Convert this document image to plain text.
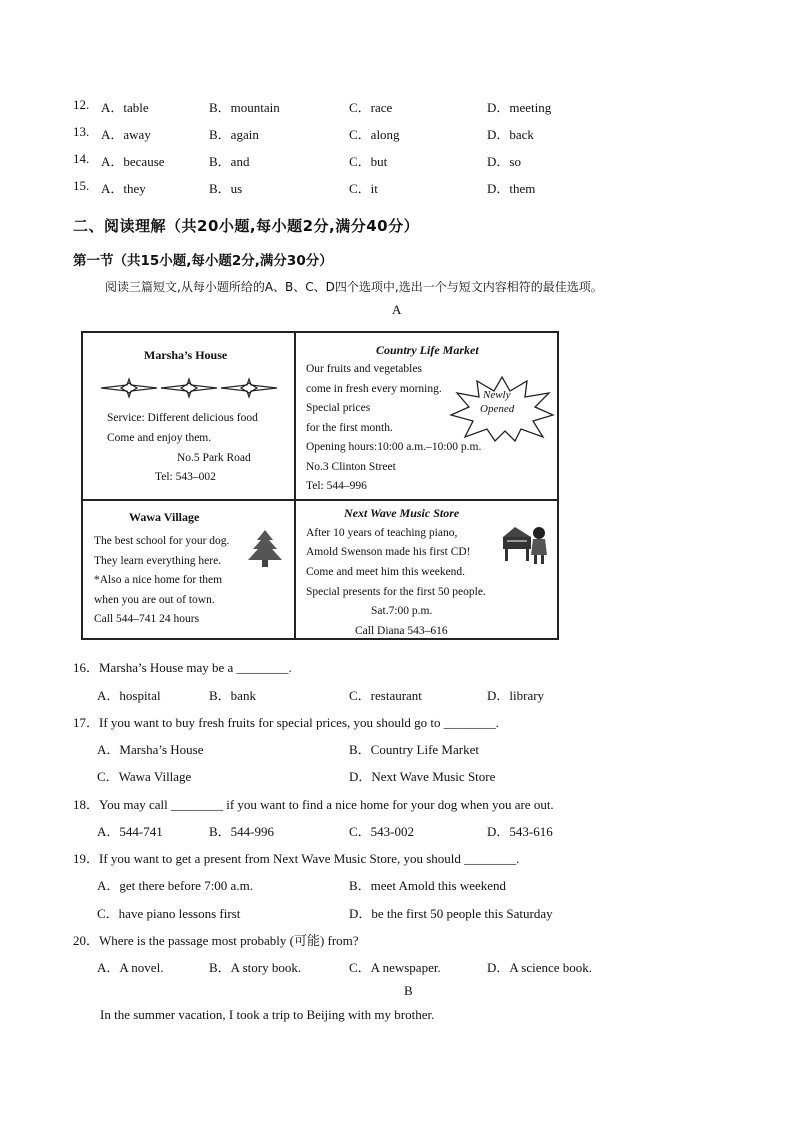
12. A．table	B．mountain	C．race	D．meeting
13. A．away	B．again	C．along	D．back
14. A．because	B．and	C．but	D．so
15. A．they	B．us	C．it	D．them
二、阅读理解（共20小题,每小题2分,满分40分）
第一节（共15小题,每小题2分,满分30分）
阅读三篇短文,从每小题所给的A、B、C、D四个选项中,选出一个与短文内容相符的最佳选项。
A
Marsha’s House
Service: Different delicious food
Come and enjoy them.
No.5 Park Road
Tel: 543–002
Country Life Market
Our fruits and vegetables
come in fresh every morning.
Special prices
for the first month.
Opening hours:10:00 a.m.–10:00 p.m.
No.3 Clinton Street
Tel: 544–996
Newly
Opened
Wawa Village
The best school for your dog.
They learn everything here.
*Also a nice home for them
when you are out of town.
Call 544–741 24 hours
Next Wave Music Store
After 10 years of teaching piano,
Amold Swenson made his first CD!
Come and meet him this weekend.
Special presents for the first 50 people.
Sat.7:00 p.m.
Call Diana 543–616
16．Marsha’s House may be a ________.
A．hospital	B．bank	C．restaurant	D．library
17．If you want to buy fresh fruits for special prices, you should go to ________.
A．Marsha’s House	B．Country Life Market
C．Wawa Village	D．Next Wave Music Store
18．You may call ________ if you want to find a nice home for your dog when you are out.
A．544-741	B．544-996	C．543-002	D．543-616
19．If you want to get a present from Next Wave Music Store, you should ________.
A．get there before 7:00 a.m.	B．meet Amold this weekend
C．have piano lessons first	D．be the first 50 people this Saturday
20．Where is the passage most probably (可能) from?
A．A novel.	B．A story book.	C．A newspaper.	D．A science book.
B
In the summer vacation, I took a trip to Beijing with my brother.
